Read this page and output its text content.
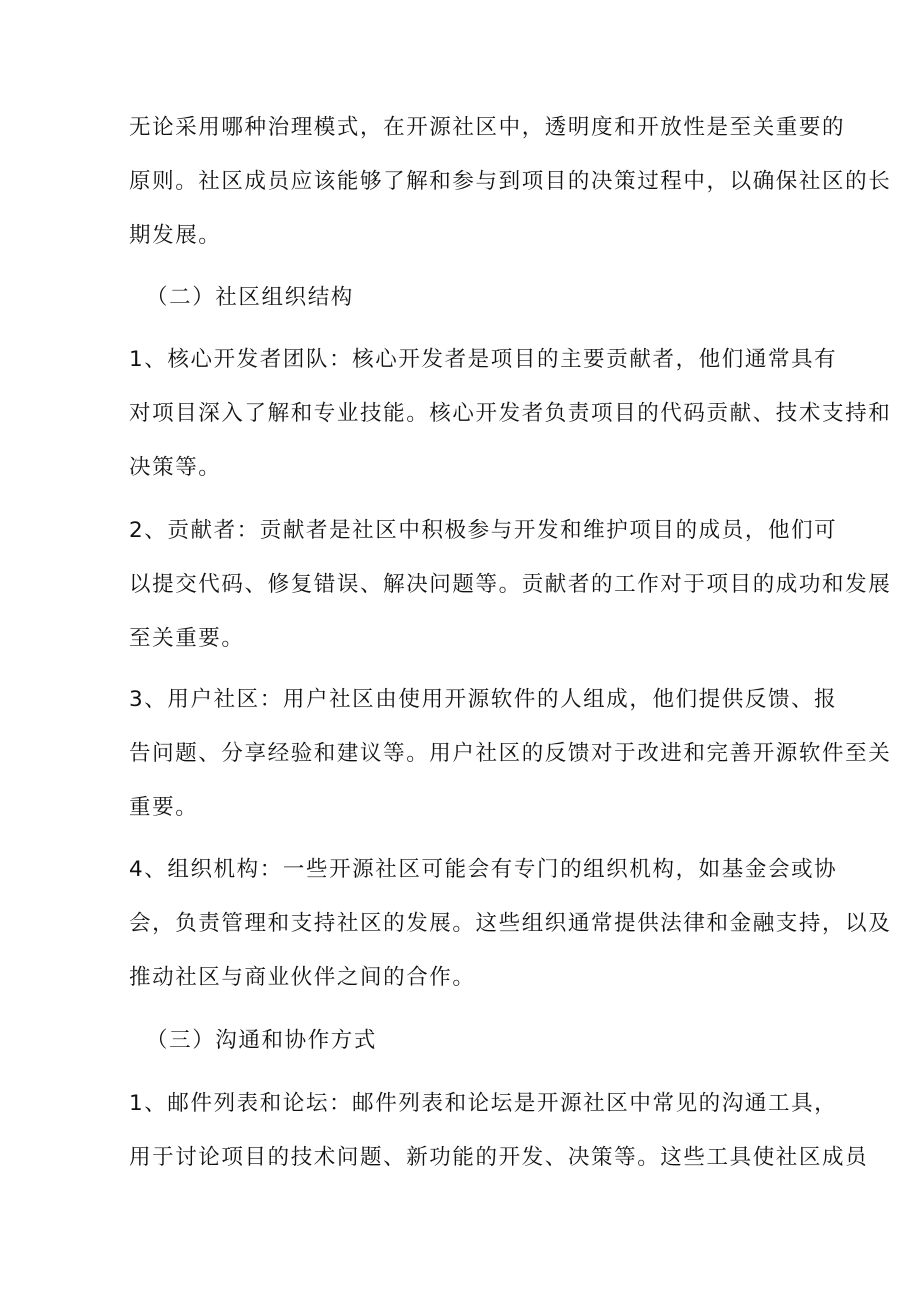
无论采用哪种治理模式，在开源社区中，透明度和开放性是至关重要的
原则。社区成员应该能够了解和参与到项目的决策过程中，以确保社区的长
期发展。

（二）社区组织结构

1、核心开发者团队：核心开发者是项目的主要贡献者，他们通常具有
对项目深入了解和专业技能。核心开发者负责项目的代码贡献、技术支持和
决策等。

2、贡献者：贡献者是社区中积极参与开发和维护项目的成员，他们可
以提交代码、修复错误、解决问题等。贡献者的工作对于项目的成功和发展
至关重要。

3、用户社区：用户社区由使用开源软件的人组成，他们提供反馈、报
告问题、分享经验和建议等。用户社区的反馈对于改进和完善开源软件至关
重要。

4、组织机构：一些开源社区可能会有专门的组织机构，如基金会或协
会，负责管理和支持社区的发展。这些组织通常提供法律和金融支持，以及
推动社区与商业伙伴之间的合作。

（三）沟通和协作方式

1、邮件列表和论坛：邮件列表和论坛是开源社区中常见的沟通工具，
用于讨论项目的技术问题、新功能的开发、决策等。这些工具使社区成员
